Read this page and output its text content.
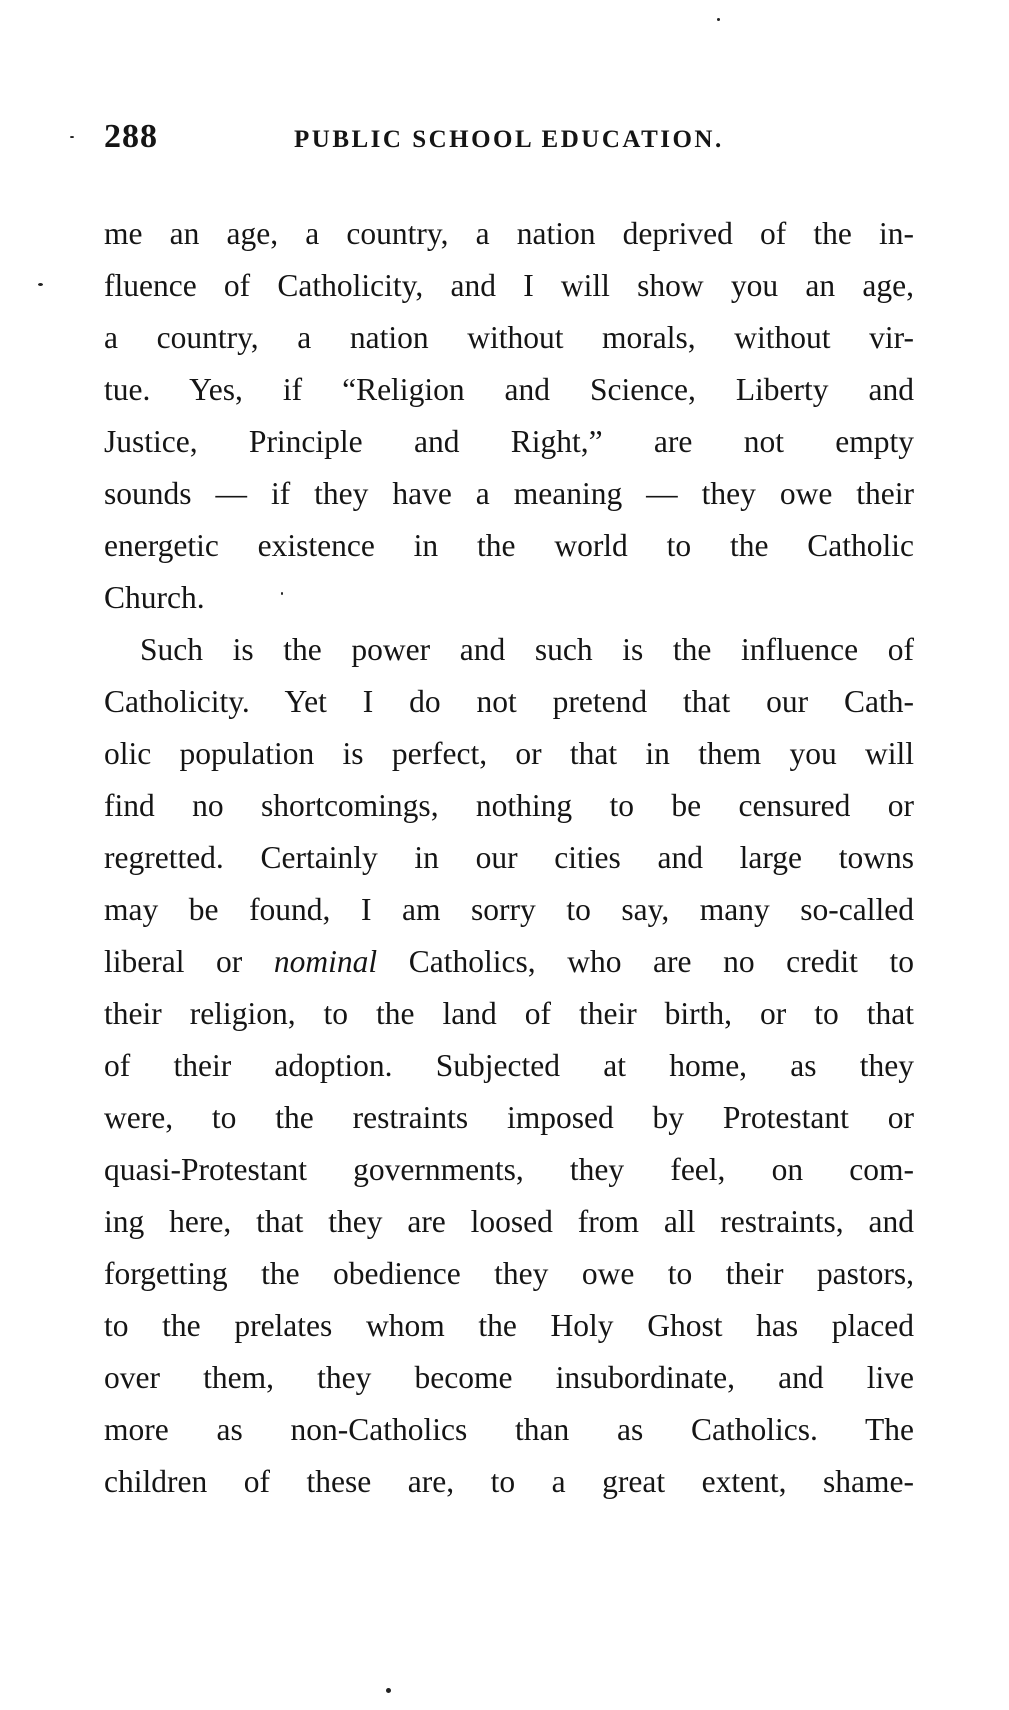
288	PUBLIC SCHOOL EDUCATION.
me an age, a country, a nation deprived of the in-
fluence of Catholicity, and I will show you an age,
a country, a nation without morals, without vir-
tue. Yes, if “Religion and Science, Liberty and
Justice, Principle and Right,” are not empty
sounds — if they have a meaning — they owe their
energetic existence in the world to the Catholic
Church.
Such is the power and such is the influence of
Catholicity. Yet I do not pretend that our Cath-
olic population is perfect, or that in them you will
find no shortcomings, nothing to be censured or
regretted. Certainly in our cities and large towns
may be found, I am sorry to say, many so-called
liberal or nominal Catholics, who are no credit to
their religion, to the land of their birth, or to that
of their adoption. Subjected at home, as they
were, to the restraints imposed by Protestant or
quasi-Protestant governments, they feel, on com-
ing here, that they are loosed from all restraints, and
forgetting the obedience they owe to their pastors,
to the prelates whom the Holy Ghost has placed
over them, they become insubordinate, and live
more as non-Catholics than as Catholics. The
children of these are, to a great extent, shame-
